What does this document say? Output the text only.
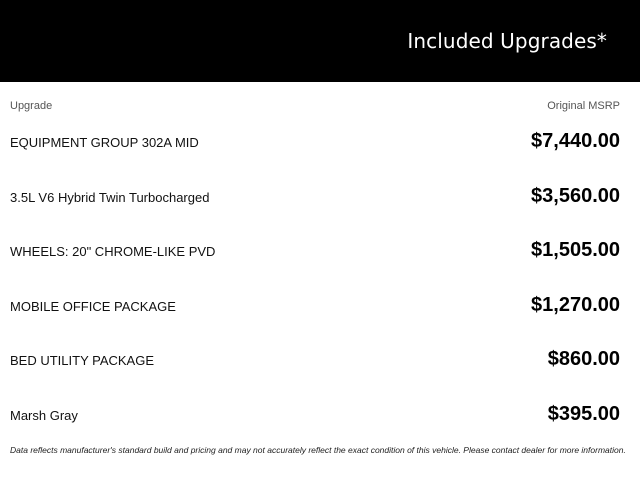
Included Upgrades*
Upgrade	Original MSRP
EQUIPMENT GROUP 302A MID	$7,440.00
3.5L V6 Hybrid Twin Turbocharged	$3,560.00
WHEELS: 20" CHROME-LIKE PVD	$1,505.00
MOBILE OFFICE PACKAGE	$1,270.00
BED UTILITY PACKAGE	$860.00
Marsh Gray	$395.00
Data reflects manufacturer's standard build and pricing and may not accurately reflect the exact condition of this vehicle. Please contact dealer for more information.
